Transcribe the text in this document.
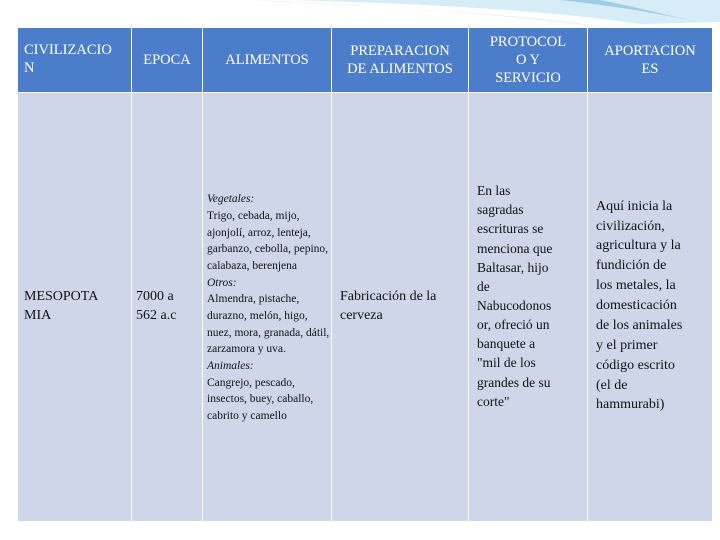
CIVILIZACIO
N
EPOCA	ALIMENTOS
PREPARACION
DE ALIMENTOS
PROTOCOL
O Y
SERVICIO
APORTACION
ES
MESOPOTA
MIA
7000 a
562 a.c
Vegetales:
Trigo, cebada, mijo, ajonjolí, arroz, lenteja, garbanzo, cebolla, pepino, calabaza, berenjena
Otros:
Almendra, pistache, durazno, melón, higo, nuez, mora, granada, dátil, zarzamora y uva.
Animales:
Cangrejo, pescado, insectos, buey, caballo, cabrito y camello
Fabricación de la
cerveza
En las
sagradas
escrituras se
menciona que
Baltasar, hijo
de
Nabucodonos
or, ofreció un
banquete a
"mil de los
grandes de su
corte"
Aquí inicia la
civilización,
agricultura y la
fundición de
los metales, la
domesticación
de los animales
y el primer
código escrito
(el de
hammurabi)
